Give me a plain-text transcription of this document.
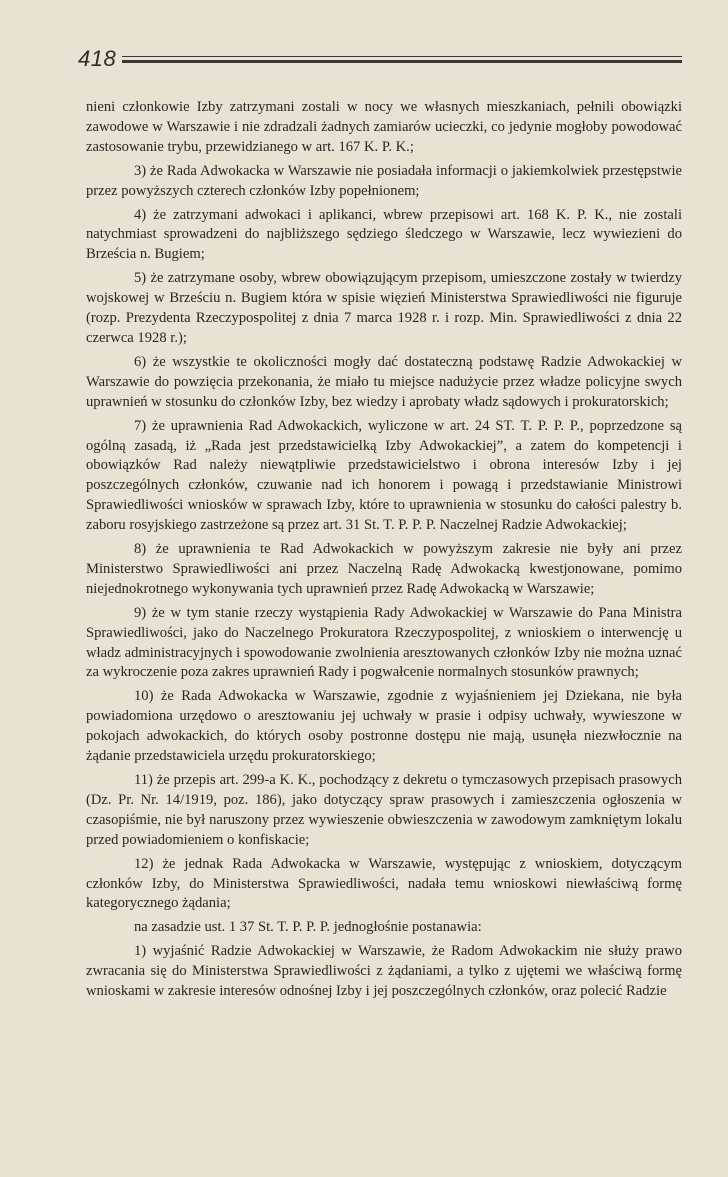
418

nieni członkowie Izby zatrzymani zostali w nocy we własnych mieszkaniach, pełnili obowiązki zawodowe w Warszawie i nie zdradzali żadnych zamiarów ucieczki, co jedynie mogłoby powodować zastosowanie trybu, przewidzianego w art. 167 K. P. K.;

3) że Rada Adwokacka w Warszawie nie posiadała informacji o jakiemkolwiek przestępstwie przez powyższych czterech członków Izby popełnionem;

4) że zatrzymani adwokaci i aplikanci, wbrew przepisowi art. 168 K. P. K., nie zostali natychmiast sprowadzeni do najbliższego sędziego śledczego w Warszawie, lecz wywiezieni do Brześcia n. Bugiem;

5) że zatrzymane osoby, wbrew obowiązującym przepisom, umieszczone zostały w twierdzy wojskowej w Brześciu n. Bugiem która w spisie więzień Ministerstwa Sprawiedliwości nie figuruje (rozp. Prezydenta Rzeczypospolitej z dnia 7 marca 1928 r. i rozp. Min. Sprawiedliwości z dnia 22 czerwca 1928 r.);

6) że wszystkie te okoliczności mogły dać dostateczną podstawę Radzie Adwokackiej w Warszawie do powzięcia przekonania, że miało tu miejsce nadużycie przez władze policyjne swych uprawnień w stosunku do członków Izby, bez wiedzy i aprobaty władz sądowych i prokuratorskich;

7) że uprawnienia Rad Adwokackich, wyliczone w art. 24 ST. T. P. P. P., poprzedzone są ogólną zasadą, iż „Rada jest przedstawicielką Izby Adwokackiej”, a zatem do kompetencji i obowiązków Rad należy niewątpliwie przedstawicielstwo i obrona interesów Izby i jej poszczególnych członków, czuwanie nad ich honorem i powagą i przedstawianie Ministrowi Sprawiedliwości wniosków w sprawach Izby, które to uprawnienia w stosunku do całości palestry b. zaboru rosyjskiego zastrzeżone są przez art. 31 St. T. P. P. P. Naczelnej Radzie Adwokackiej;

8) że uprawnienia te Rad Adwokackich w powyższym zakresie nie były ani przez Ministerstwo Sprawiedliwości ani przez Naczelną Radę Adwokacką kwestjonowane, pomimo niejednokrotnego wykonywania tych uprawnień przez Radę Adwokacką w Warszawie;

9) że w tym stanie rzeczy wystąpienia Rady Adwokackiej w Warszawie do Pana Ministra Sprawiedliwości, jako do Naczelnego Prokuratora Rzeczypospolitej, z wnioskiem o interwencję u władz administracyjnych i spowodowanie zwolnienia aresztowanych członków Izby nie można uznać za wykroczenie poza zakres uprawnień Rady i pogwałcenie normalnych stosunków prawnych;

10) że Rada Adwokacka w Warszawie, zgodnie z wyjaśnieniem jej Dziekana, nie była powiadomiona urzędowo o aresztowaniu jej uchwały w prasie i odpisy uchwały, wywieszone w pokojach adwokackich, do których osoby postronne dostępu nie mają, usunęła niezwłocznie na żądanie przedstawiciela urzędu prokuratorskiego;

11) że przepis art. 299-a K. K., pochodzący z dekretu o tymczasowych przepisach prasowych (Dz. Pr. Nr. 14/1919, poz. 186), jako dotyczący spraw prasowych i zamieszczenia ogłoszenia w czasopiśmie, nie był naruszony przez wywieszenie obwieszczenia w zawodowym zamkniętym lokalu przed powiadomieniem o konfiskacie;

12) że jednak Rada Adwokacka w Warszawie, występując z wnioskiem, dotyczącym członków Izby, do Ministerstwa Sprawiedliwości, nadała temu wnioskowi niewłaściwą formę kategorycznego żądania;

na zasadzie ust. 1 37 St. T. P. P. P. jednogłośnie postanawia:

1) wyjaśnić Radzie Adwokackiej w Warszawie, że Radom Adwokackim nie służy prawo zwracania się do Ministerstwa Sprawiedliwości z żądaniami, a tylko z ujętemi we właściwą formę wnioskami w zakresie interesów odnośnej Izby i jej poszczególnych członków, oraz polecić Radzie
